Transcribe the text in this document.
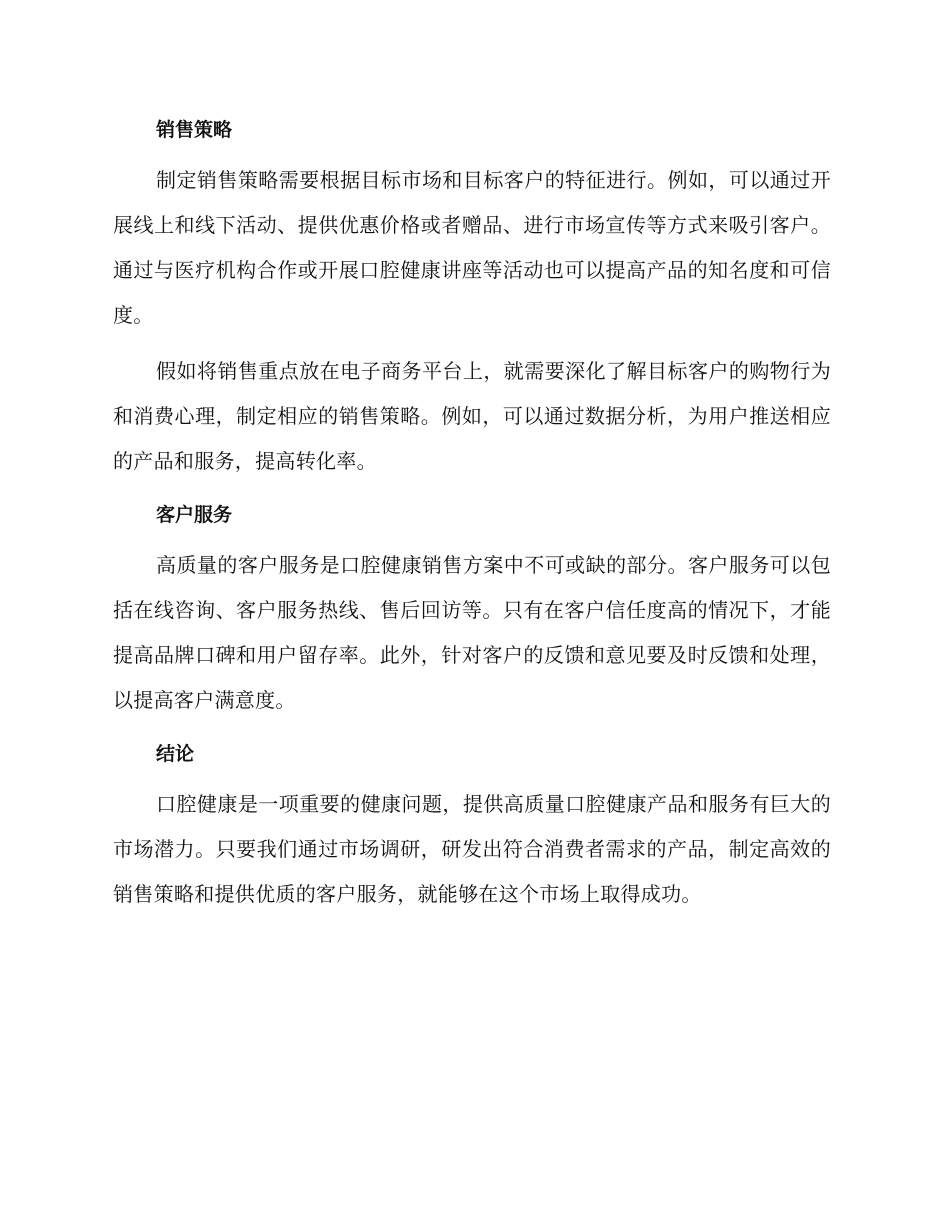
销售策略

制定销售策略需要根据目标市场和目标客户的特征进行。例如，可以通过开展线上和线下活动、提供优惠价格或者赠品、进行市场宣传等方式来吸引客户。通过与医疗机构合作或开展口腔健康讲座等活动也可以提高产品的知名度和可信度。

假如将销售重点放在电子商务平台上，就需要深化了解目标客户的购物行为和消费心理，制定相应的销售策略。例如，可以通过数据分析，为用户推送相应的产品和服务，提高转化率。

客户服务

高质量的客户服务是口腔健康销售方案中不可或缺的部分。客户服务可以包括在线咨询、客户服务热线、售后回访等。只有在客户信任度高的情况下，才能提高品牌口碑和用户留存率。此外，针对客户的反馈和意见要及时反馈和处理，以提高客户满意度。

结论

口腔健康是一项重要的健康问题，提供高质量口腔健康产品和服务有巨大的市场潜力。只要我们通过市场调研，研发出符合消费者需求的产品，制定高效的销售策略和提供优质的客户服务，就能够在这个市场上取得成功。
